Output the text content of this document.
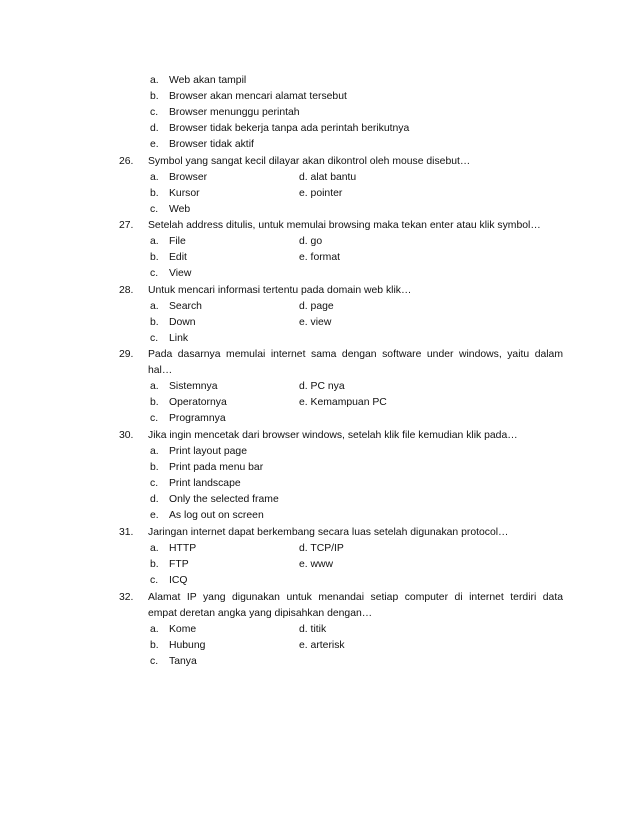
a. Web akan tampil
b. Browser akan mencari alamat tersebut
c. Browser menunggu perintah
d. Browser tidak bekerja tanpa ada perintah berikutnya
e. Browser tidak aktif
26. Symbol yang sangat kecil dilayar akan dikontrol oleh mouse disebut…
a. Browser	d. alat bantu
b. Kursor	e. pointer
c. Web
27. Setelah address ditulis, untuk memulai browsing maka tekan enter atau klik symbol…
a. File	d. go
b. Edit	e. format
c. View
28. Untuk mencari informasi tertentu pada domain web klik…
a. Search	d. page
b. Down	e. view
c. Link
29. Pada dasarnya memulai internet sama dengan software under windows, yaitu dalam
hal…
a. Sistemnya	d. PC nya
b. Operatornya	e. Kemampuan PC
c. Programnya
30. Jika ingin mencetak dari browser windows, setelah klik file kemudian klik pada…
a. Print layout page
b. Print pada menu bar
c. Print landscape
d. Only the selected frame
e. As log out on screen
31. Jaringan internet dapat berkembang secara luas setelah digunakan protocol…
a. HTTP	d. TCP/IP
b. FTP	e. www
c. ICQ
32. Alamat IP yang digunakan untuk menandai setiap computer di internet terdiri data
empat deretan angka yang dipisahkan dengan…
a. Kome	d. titik
b. Hubung	e. arterisk
c. Tanya
